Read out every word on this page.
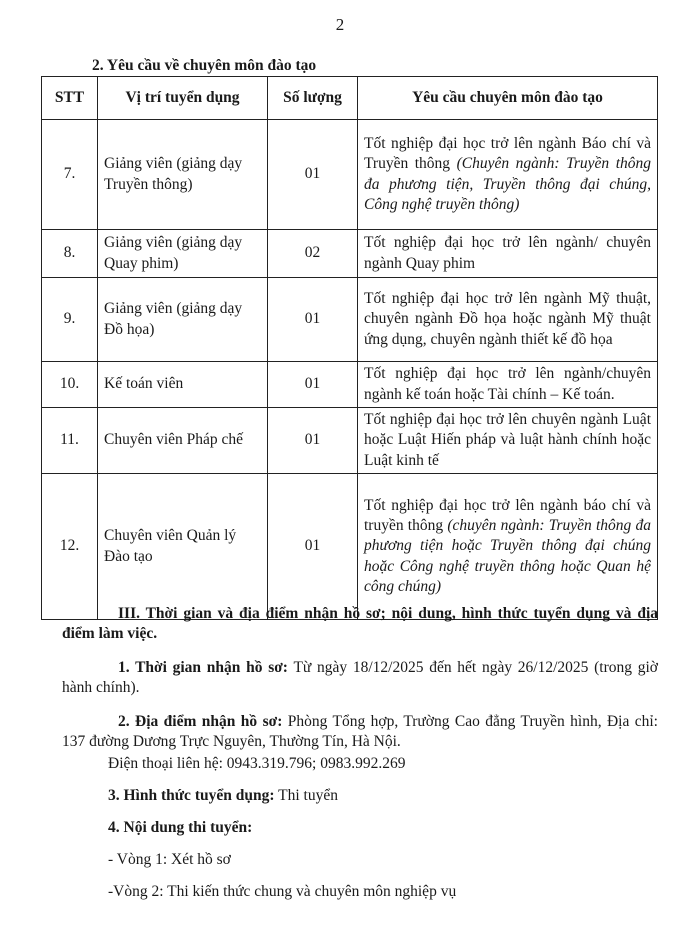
2
2. Yêu cầu về chuyên môn đào tạo
STT	Vị trí tuyển dụng	Số lượng	Yêu cầu chuyên môn đào tạo
7.	Giảng viên (giảng dạy Truyền thông)	01	Tốt nghiệp đại học trở lên ngành Báo chí và Truyền thông (Chuyên ngành: Truyền thông đa phương tiện, Truyền thông đại chúng, Công nghệ truyền thông)
8.	Giảng viên (giảng dạy Quay phim)	02	Tốt nghiệp đại học trở lên ngành/ chuyên ngành Quay phim
9.	Giảng viên (giảng dạy Đồ họa)	01	Tốt nghiệp đại học trở lên ngành Mỹ thuật, chuyên ngành Đồ họa hoặc ngành Mỹ thuật ứng dụng, chuyên ngành thiết kế đồ họa
10.	Kế toán viên	01	Tốt nghiệp đại học trở lên ngành/chuyên ngành kế toán hoặc Tài chính – Kế toán.
11.	Chuyên viên Pháp chế	01	Tốt nghiệp đại học trở lên chuyên ngành Luật hoặc Luật Hiến pháp và luật hành chính hoặc Luật kinh tế
12.	Chuyên viên Quản lý Đào tạo	01	Tốt nghiệp đại học trở lên ngành báo chí và truyền thông (chuyên ngành: Truyền thông đa phương tiện hoặc Truyền thông đại chúng hoặc Công nghệ truyền thông hoặc Quan hệ công chúng)
III. Thời gian và địa điểm nhận hồ sơ; nội dung, hình thức tuyển dụng và địa điểm làm việc.
1. Thời gian nhận hồ sơ: Từ ngày 18/12/2025 đến hết ngày 26/12/2025 (trong giờ hành chính).
2. Địa điểm nhận hồ sơ: Phòng Tổng hợp, Trường Cao đẳng Truyền hình, Địa chỉ: 137 đường Dương Trực Nguyên, Thường Tín, Hà Nội.
Điện thoại liên hệ: 0943.319.796; 0983.992.269
3. Hình thức tuyển dụng: Thi tuyển
4. Nội dung thi tuyển:
- Vòng 1: Xét hồ sơ
-Vòng 2: Thi kiến thức chung và chuyên môn nghiệp vụ
